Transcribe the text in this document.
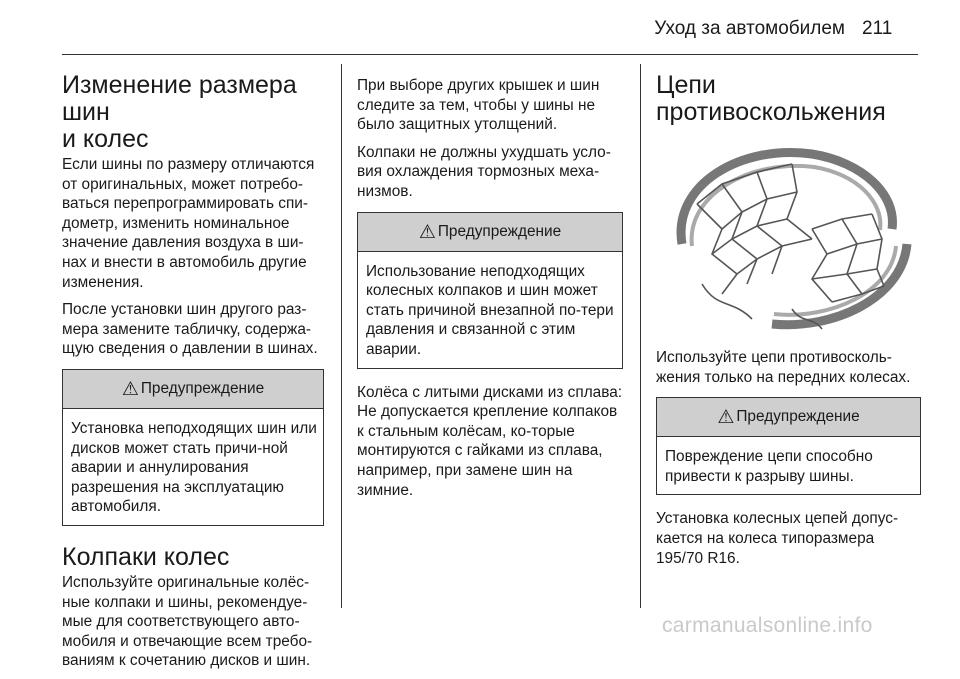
Уход за автомобилем 211
Изменение размера шин
и колес

Если шины по размеру отличаются от оригинальных, может потребо-ваться перепрограммировать спи-дометр, изменить номинальное значение давления воздуха в ши-нах и внести в автомобиль другие изменения.

После установки шин другого раз-мера замените табличку, содержа-щую сведения о давлении в шинах.

⚠ Предупреждение
Установка неподходящих шин или дисков может стать причи-ной аварии и аннулирования разрешения на эксплуатацию автомобиля.
Колпаки колес

Используйте оригинальные колёс-ные колпаки и шины, рекомендуе-мые для соответствующего авто-мобиля и отвечающие всем требо-ваниям к сочетанию дисков и шин.

При выборе других крышек и шин следите за тем, чтобы у шины не было защитных утолщений.

Колпаки не должны ухудшать усло-вия охлаждения тормозных меха-низмов.

⚠ Предупреждение
Использование неподходящих колесных колпаков и шин может стать причиной внезапной по-тери давления и связанной с этим аварии.

Колёса с литыми дисками из сплава: Не допускается крепление колпаков к стальным колёсам, ко-торые монтируются с гайками из сплава, например, при замене шин на зимние.

Цепи
противоскольжения

Используйте цепи противосколь-жения только на передних колесах.

⚠ Предупреждение
Повреждение цепи способно привести к разрыву шины.

Установка колесных цепей допус-кается на колеса типоразмера 195/70 R16.

carmanualsonline.info
